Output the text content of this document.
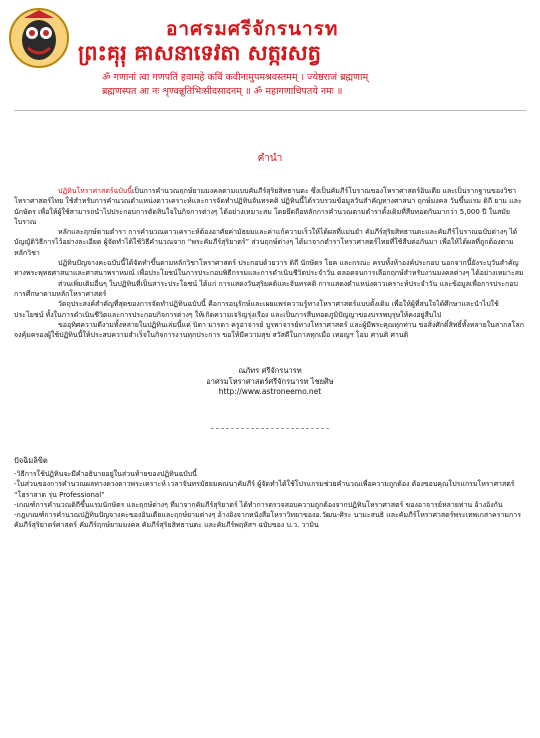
อาศรมศรีจักรนารท
ព្រះគុរុ ឝាសនាទេវតា សត្ករសត្វ
ॐ गणानां त्वा गणपतिं हवामहे कविं कवीनामुपमश्रवस्तमम् । ज्येष्ठराजं ब्रह्मणाम्
ब्रह्मणस्पत आ नः शृण्वन्नूतिभिःसीदसादनम् ॥ ॐ महागणाधिपतये नमः ॥
คำนำ

ปฏิทินโหราศาสตร์ฉบับนี้เป็นการคำนวณฤกษ์ยามมงคลตามแบบคัมภีร์สุริยสิทธานตะ ซึ่งเป็นคัมภีร์โบราณของโหราศาสตร์อินเดีย และเป็นรากฐานของวิชาโหราศาสตร์ไทย ใช้สำหรับการคำนวณตำแหน่งดาวเคราะห์และการจัดทำปฏิทินจันทรคติ ปฏิทินนี้ได้รวบรวมข้อมูลวันสำคัญทางศาสนา ฤกษ์มงคล วันขึ้นแรม ดิถี ยาม และนักษัตร เพื่อให้ผู้ใช้สามารถนำไปประกอบการตัดสินใจในกิจการต่างๆ ได้อย่างเหมาะสม โดยยึดถือหลักการคำนวณตามตำราดั้งเดิมที่สืบทอดกันมากว่า 5,000 ปี ในสมัยโบราณ

หลักและฤกษ์ตามตำรา การคำนวณดาวเคราะห์ต้องอาศัยค่ามัธยมและค่าแก้ความเร็วให้ได้ผลที่แม่นยำ คัมภีร์สุริยสิทธานตะและคัมภีร์โบราณฉบับต่างๆ ได้บัญญัติวิธีการไว้อย่างละเอียด ผู้จัดทำได้ใช้วิธีคำนวณจาก “พระคัมภีร์สุริยาตร์” ส่วนฤกษ์ต่างๆ ได้มาจากตำราโหราศาสตร์ไทยที่ใช้สืบต่อกันมา เพื่อให้ได้ผลที่ถูกต้องตามหลักวิชา

ปฏิทินปัญจางคะฉบับนี้ได้จัดทำขึ้นตามหลักวิชาโหราศาสตร์ ประกอบด้วยวาร ดิถี นักษัตร โยค และกรณะ ครบทั้งห้าองค์ประกอบ นอกจากนี้ยังระบุวันสำคัญทางพระพุทธศาสนาและศาสนาพราหมณ์ เพื่อประโยชน์ในการประกอบพิธีกรรมและการดำเนินชีวิตประจำวัน ตลอดจนการเลือกฤกษ์สำหรับงานมงคลต่างๆ ได้อย่างเหมาะสม

ส่วนเพิ่มเติมอื่นๆ ในปฏิทินที่เป็นสาระประโยชน์ ได้แก่ การแสดงวันสุริยคติและจันทรคติ การแสดงตำแหน่งดาวเคราะห์ประจำวัน และข้อมูลเพื่อการประกอบการศึกษาตามหลักโหราศาสตร์

วัตถุประสงค์สำคัญที่สุดของการจัดทำปฏิทินฉบับนี้ คือการอนุรักษ์และเผยแพร่ความรู้ทางโหราศาสตร์แบบดั้งเดิม เพื่อให้ผู้ที่สนใจได้ศึกษาและนำไปใช้ประโยชน์ ทั้งในการดำเนินชีวิตและการประกอบกิจการต่างๆ ให้เกิดความเจริญรุ่งเรือง และเป็นการสืบทอดภูมิปัญญาของบรรพบุรุษให้คงอยู่สืบไป

ขออุทิศความดีงามทั้งหลายในปฏิทินเล่มนี้แด่ บิดา มารดา ครูอาจารย์ บูรพาจารย์ทางโหราศาสตร์ และผู้มีพระคุณทุกท่าน ขอสิ่งศักดิ์สิทธิ์ทั้งหลายในสากลโลกจงคุ้มครองผู้ใช้ปฏิทินนี้ให้ประสบความสำเร็จในกิจการงานทุกประการ ขอให้มีความสุข สวัสดีในกาลทุกเมื่อ เทอญฯ โอม ศานติ ศานติ

ณภัทร ศรีจักรนารท
อาศรมโหราศาสตร์ศรีจักรนารท ไชยศิษ
http://www.astroneemo.net
ปัจฉิมลิขิต

-วิธีการใช้ปฏิทินจะมีคำอธิบายอยู่ในส่วนท้ายของปฏิทินฉบับนี้

-ในส่วนของการคำนวณผลทางดวงดาวพระเคราะห์ เวลาจันทรมัธยมคณนาคัมภีร์ ผู้จัดทำได้ใช้โปรแกรมช่วยคำนวณเพื่อความถูกต้อง ต้องขอบคุณโปรแกรมโหราศาสตร์ “โฮราสาด รุ่น Professional”

-เกณฑ์การคำนวณดิถีขึ้นแรมนักษัตร และฤกษ์ต่างๆ ที่มาจากคัมภีร์สุริยาตร์ ได้ทำการตรวจสอบความถูกต้องจากปฏิทินโหราศาสตร์ ของอาจารย์หลายท่าน อ้างอิงกัน

-กฎเกณฑ์การคำนวณปฏิทินปัญจางคะของอินเดียและฤกษ์ยามต่างๆ อ้างอิงจากหนังสือโหราวิทยาของอ.วัฒน-ศิระ นามะสนธิ และคัมภีร์โหราศาสตร์พระเทพเกสาครามการ คัมภีร์สุริยาตร์ศาสตร์ คัมภีร์ฤกษ์ยามมงคล คัมภีร์สุริยสิทธานตะ และคัมภีร์พฤหัสฯ ฉบับของ บ.ว. วามิน
